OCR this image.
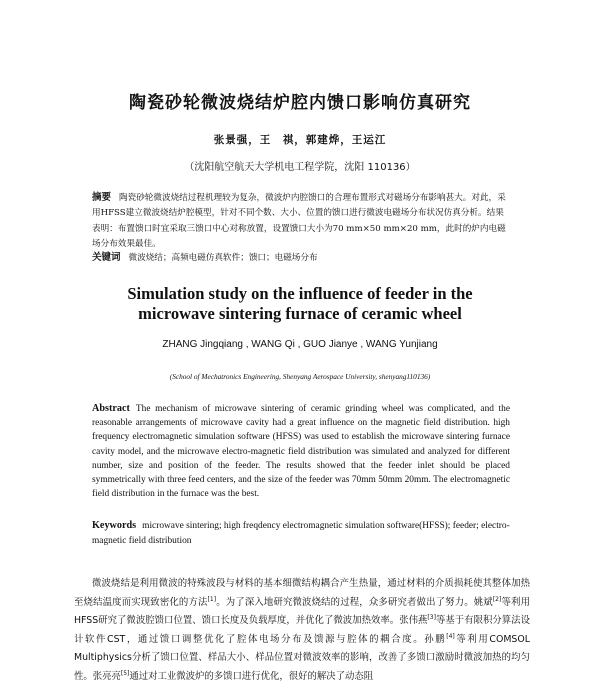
陶瓷砂轮微波烧结炉腔内馈口影响仿真研究
张景强，王　祺，郭建烨，王运江
（沈阳航空航天大学机电工程学院，沈阳 110136）
摘要 陶瓷砂轮微波烧结过程机理较为复杂，微波炉内腔馈口的合理布置形式对磁场分布影响甚大。对此，采用HFSS建立微波烧结炉腔模型，针对不同个数、大小、位置的馈口进行微波电磁场分布状况仿真分析。结果表明：布置馈口时宜采取三馈口中心对称放置，设置馈口大小为70 mm×50 mm×20 mm，此时的炉内电磁场分布效果最佳。
关键词 微波烧结；高频电磁仿真软件；馈口；电磁场分布
Simulation study on the influence of feeder in the
microwave sintering furnace of ceramic wheel
ZHANG Jingqiang , WANG Qi , GUO Jianye , WANG Yunjiang
(School of Mechatronics Engineering, Shenyang Aerospace University, shenyang110136)
Abstract The mechanism of microwave sintering of ceramic grinding wheel was complicated, and the reasonable arrangements of microwave cavity had a great influence on the magnetic field distribution. high frequency electromagnetic simulation software (HFSS) was used to establish the microwave sintering furnace cavity model, and the microwave electro-magnetic field distribution was simulated and analyzed for different number, size and position of the feeder. The results showed that the feeder inlet should be placed symmetrically with three feed centers, and the size of the feeder was 70mm 50mm 20mm. The electromagnetic field distribution in the furnace was the best.
Keywords microwave sintering; high freqdency electromagnetic simulation software(HFSS); feeder; electro-magnetic field distribution
微波烧结是利用微波的特殊波段与材料的基本细微结构耦合产生热量，通过材料的介质损耗使其整体加热至烧结温度而实现致密化的方法[1]。为了深入地研究微波烧结的过程，众多研究者做出了努力。姚斌[2]等利用HFSS研究了微波腔馈口位置、馈口长度及负载厚度，并优化了微波加热效率。张伟燕[3]等基于有限积分算法设计软件CST，通过馈口调整优化了腔体电场分布及馈源与腔体的耦合度。孙鹏[4]等利用COMSOL Multiphysics分析了馈口位置、样品大小、样品位置对微波效率的影响，改善了多馈口激励时微波加热的均匀性。张亮亮[5]通过对工业微波炉的多馈口进行优化，很好的解决了动态阻
